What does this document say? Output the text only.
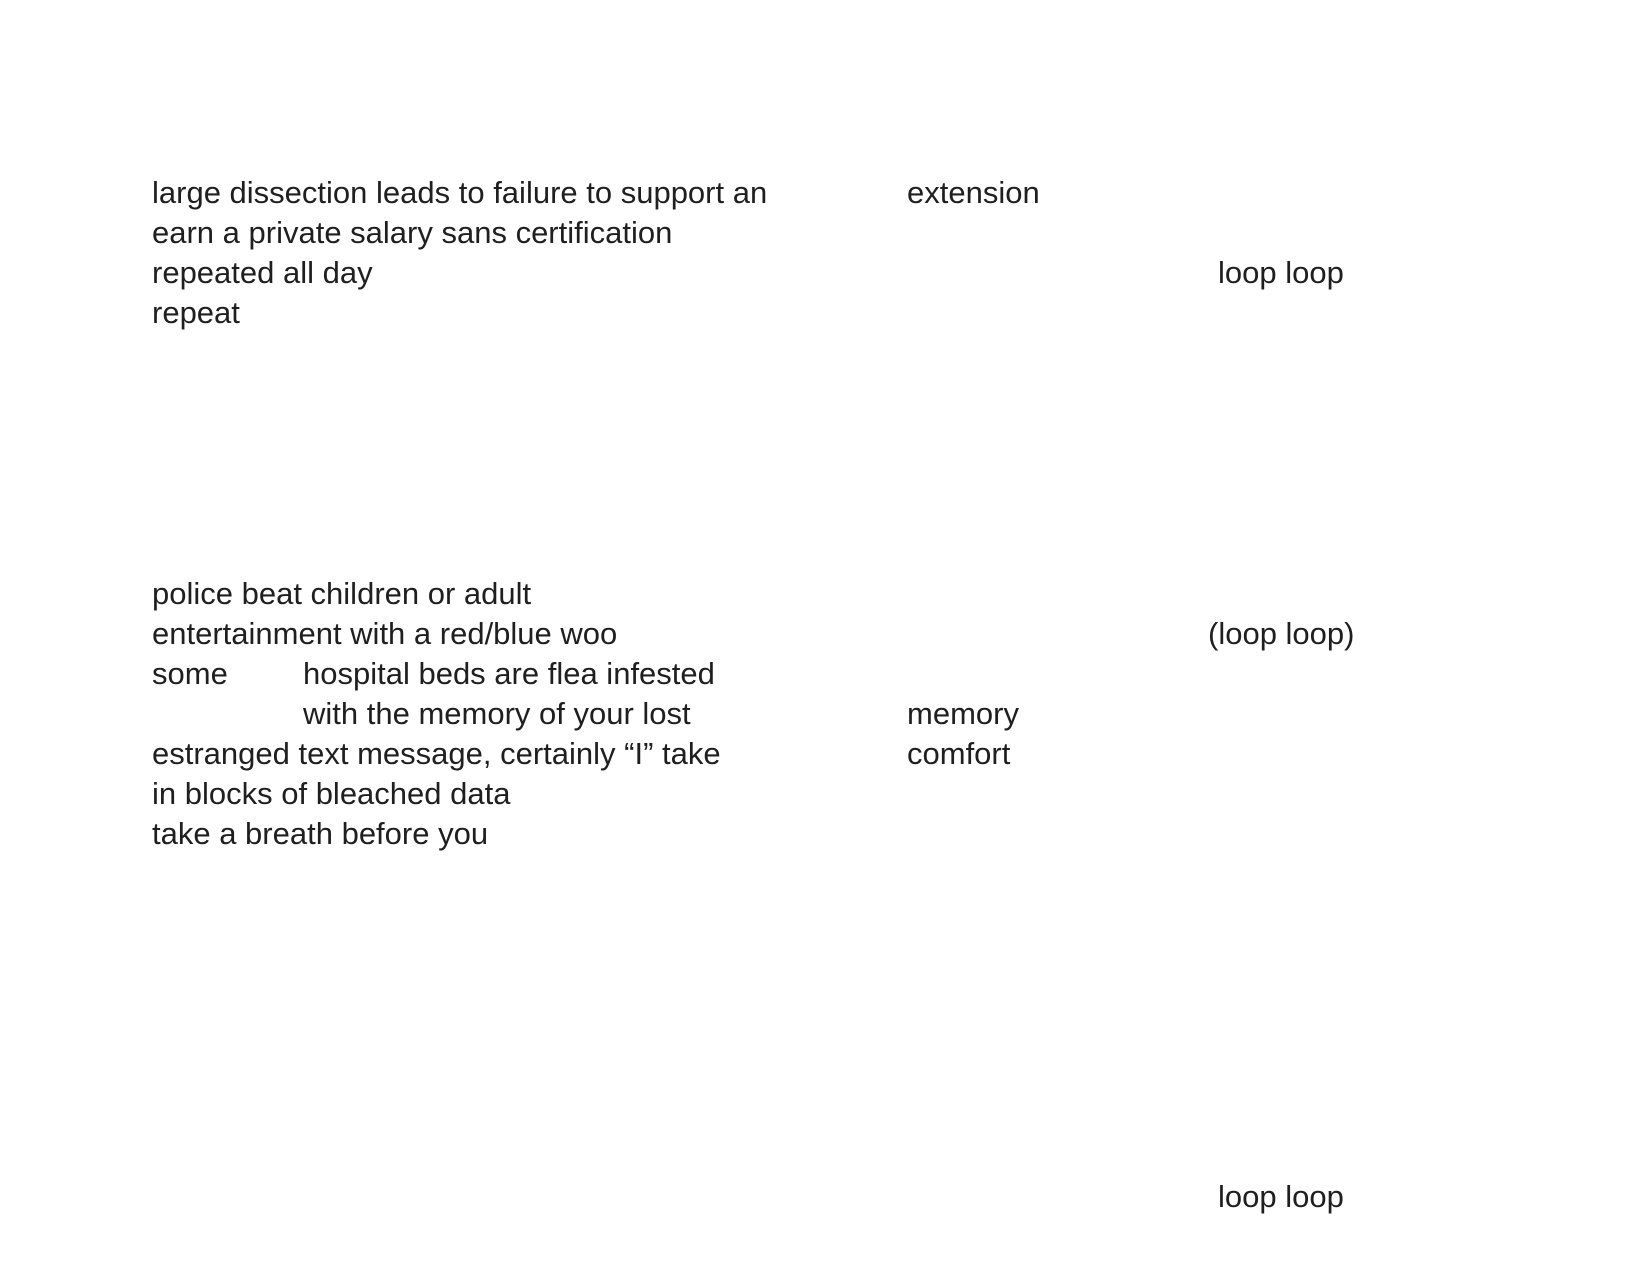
large dissection leads to failure to support an	extension
earn a private salary sans certification
repeated all day	loop loop
repeat
police beat children or adult
entertainment with a red/blue woo	(loop loop)
some hospital beds are flea infested
with the memory of your lost	memory
estranged text message, certainly “I” take	comfort
in blocks of bleached data
take a breath before you
loop loop
